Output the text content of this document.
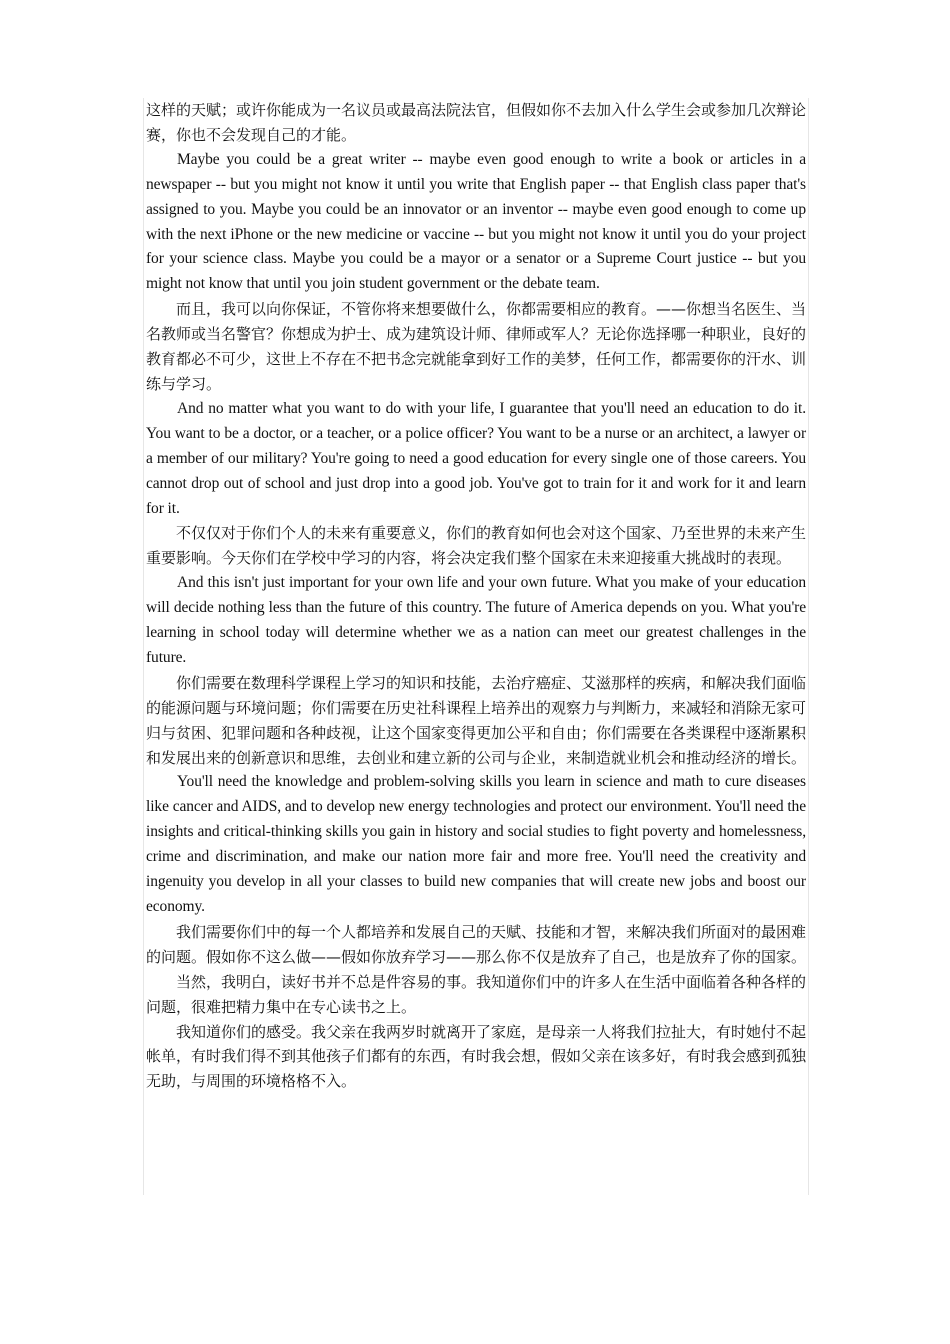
这样的天赋；或许你能成为一名议员或最高法院法官，但假如你不去加入什么学生会或参加几次辩论赛，你也不会发现自己的才能。

Maybe you could be a great writer -- maybe even good enough to write a book or articles in a newspaper -- but you might not know it until you write that English paper -- that English class paper that's assigned to you. Maybe you could be an innovator or an inventor -- maybe even good enough to come up with the next iPhone or the new medicine or vaccine -- but you might not know it until you do your project for your science class. Maybe you could be a mayor or a senator or a Supreme Court justice -- but you might not know that until you join student government or the debate team.

而且，我可以向你保证，不管你将来想要做什么，你都需要相应的教育。——你想当名医生、当名教师或当名警官？你想成为护士、成为建筑设计师、律师或军人？无论你选择哪一种职业，良好的教育都必不可少，这世上不存在不把书念完就能拿到好工作的美梦，任何工作，都需要你的汗水、训练与学习。

And no matter what you want to do with your life, I guarantee that you'll need an education to do it. You want to be a doctor, or a teacher, or a police officer? You want to be a nurse or an architect, a lawyer or a member of our military? You're going to need a good education for every single one of those careers. You cannot drop out of school and just drop into a good job. You've got to train for it and work for it and learn for it.

不仅仅对于你们个人的未来有重要意义，你们的教育如何也会对这个国家、乃至世界的未来产生重要影响。今天你们在学校中学习的内容，将会决定我们整个国家在未来迎接重大挑战时的表现。

And this isn't just important for your own life and your own future. What you make of your education will decide nothing less than the future of this country. The future of America depends on you. What you're learning in school today will determine whether we as a nation can meet our greatest challenges in the future.

你们需要在数理科学课程上学习的知识和技能，去治疗癌症、艾滋那样的疾病，和解决我们面临的能源问题与环境问题；你们需要在历史社科课程上培养出的观察力与判断力，来减轻和消除无家可归与贫困、犯罪问题和各种歧视，让这个国家变得更加公平和自由；你们需要在各类课程中逐渐累积和发展出来的创新意识和思维，去创业和建立新的公司与企业，来制造就业机会和推动经济的增长。

You'll need the knowledge and problem-solving skills you learn in science and math to cure diseases like cancer and AIDS, and to develop new energy technologies and protect our environment. You'll need the insights and critical-thinking skills you gain in history and social studies to fight poverty and homelessness, crime and discrimination, and make our nation more fair and more free. You'll need the creativity and ingenuity you develop in all your classes to build new companies that will create new jobs and boost our economy.

我们需要你们中的每一个人都培养和发展自己的天赋、技能和才智，来解决我们所面对的最困难的问题。假如你不这么做——假如你放弃学习——那么你不仅是放弃了自己，也是放弃了你的国家。

当然，我明白，读好书并不总是件容易的事。我知道你们中的许多人在生活中面临着各种各样的问题，很难把精力集中在专心读书之上。

我知道你们的感受。我父亲在我两岁时就离开了家庭，是母亲一人将我们拉扯大，有时她付不起帐单，有时我们得不到其他孩子们都有的东西，有时我会想，假如父亲在该多好，有时我会感到孤独无助，与周围的环境格格不入。
